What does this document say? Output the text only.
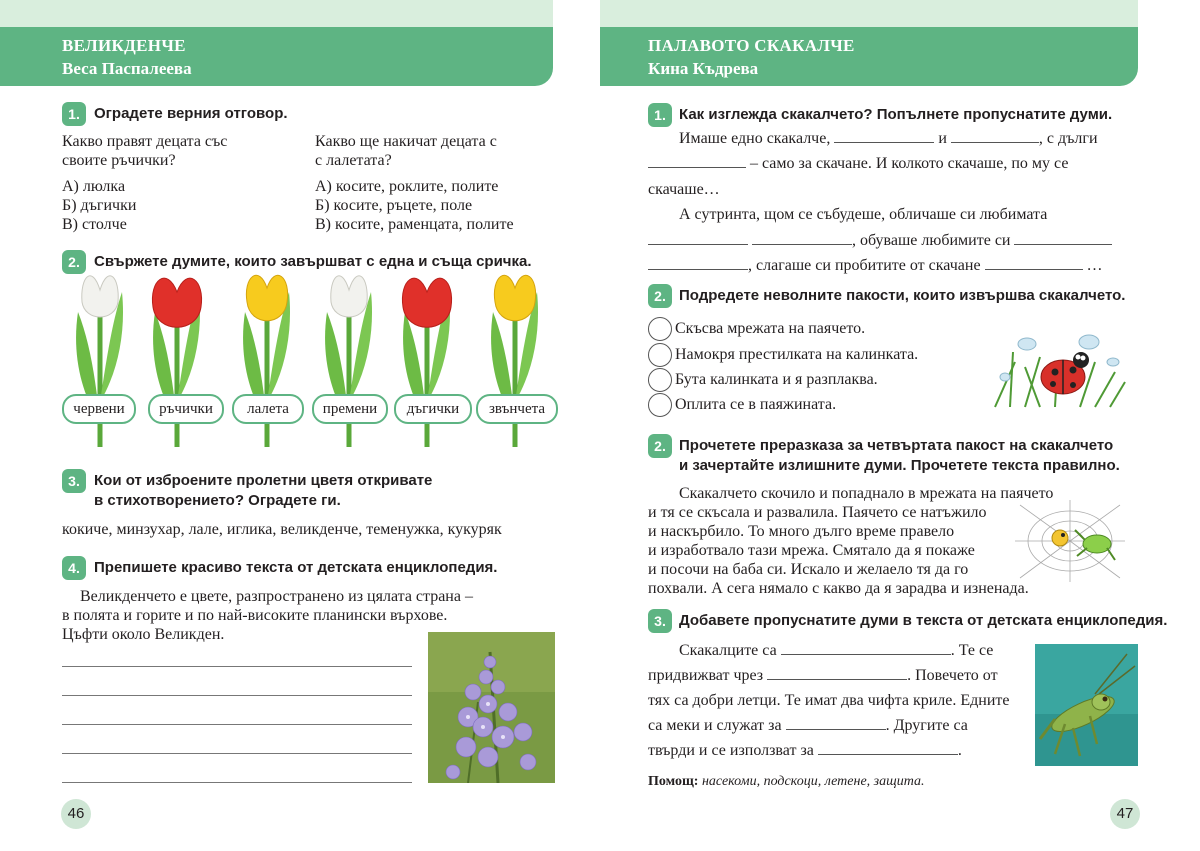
ВЕЛИКДЕНЧЕ
Веса Паспалеева
1. Оградете верния отговор.
Какво правят децата със
своите ръчички?
А) люлка
Б) дъгички
В) столче
Какво ще накичат децата с
с лалетата?
А) косите, роклите, полите
Б) косите, ръцете, поле
В) косите, раменцата, полите
2. Свържете думите, които завършват с една и съща сричка.
червени	ръчички	лалета	премени	дъгички	звънчета
3. Кои от изброените пролетни цветя откривате
в стихотворението? Оградете ги.
кокиче, минзухар, лале, иглика, великденче, теменужка, кукуряк
4. Препишете красиво текста от детската енциклопедия.
Великденчето е цвете, разпространено из цялата страна –
в полята и горите и по най-високите планински върхове.
Цъфти около Великден.
46
ПАЛАВОТО СКАКАЛЧЕ
Кина Къдрева
1. Как изглежда скакалчето? Попълнете пропуснатите думи.
Имаше едно скакалче,	и	, с дълги
– само за скачане. И колкото скачаше, по му се
скачаше…
А сутринта, щом се събудеше, обличаше си любимата
, обуваше любимите си
, слагаше си пробитите от скачане	…
2. Подредете неволните пакости, които извършва скакалчето.
Скъсва мрежата на паячето.
Намокря престилката на калинката.
Бута калинката и я разплаква.
Оплита се в паяжината.
2. Прочетете преразказа за четвъртата пакост на скакалчето
и зачертайте излишните думи. Прочетете текста правилно.
Скакалчето скочило и попаднало в мрежата на паячето
и тя се скъсала и развалила. Паячето се натъжило
и наскърбило. То много дълго време правело
и изработвало тази мрежа. Смятало да я покаже
и посочи на баба си. Искало и желаело тя да го
похвали. А сега нямало с какво да я зарадва и изненада.
3. Добавете пропуснатите думи в текста от детската енциклопедия.
Скакалците са	. Те се
придвижват чрез	. Повечето от
тях са добри летци. Те имат два чифта криле. Едните
са меки и служат за	. Другите са
твърди и се използват за	.
Помощ: насекоми, подскоци, летене, защита.
47
